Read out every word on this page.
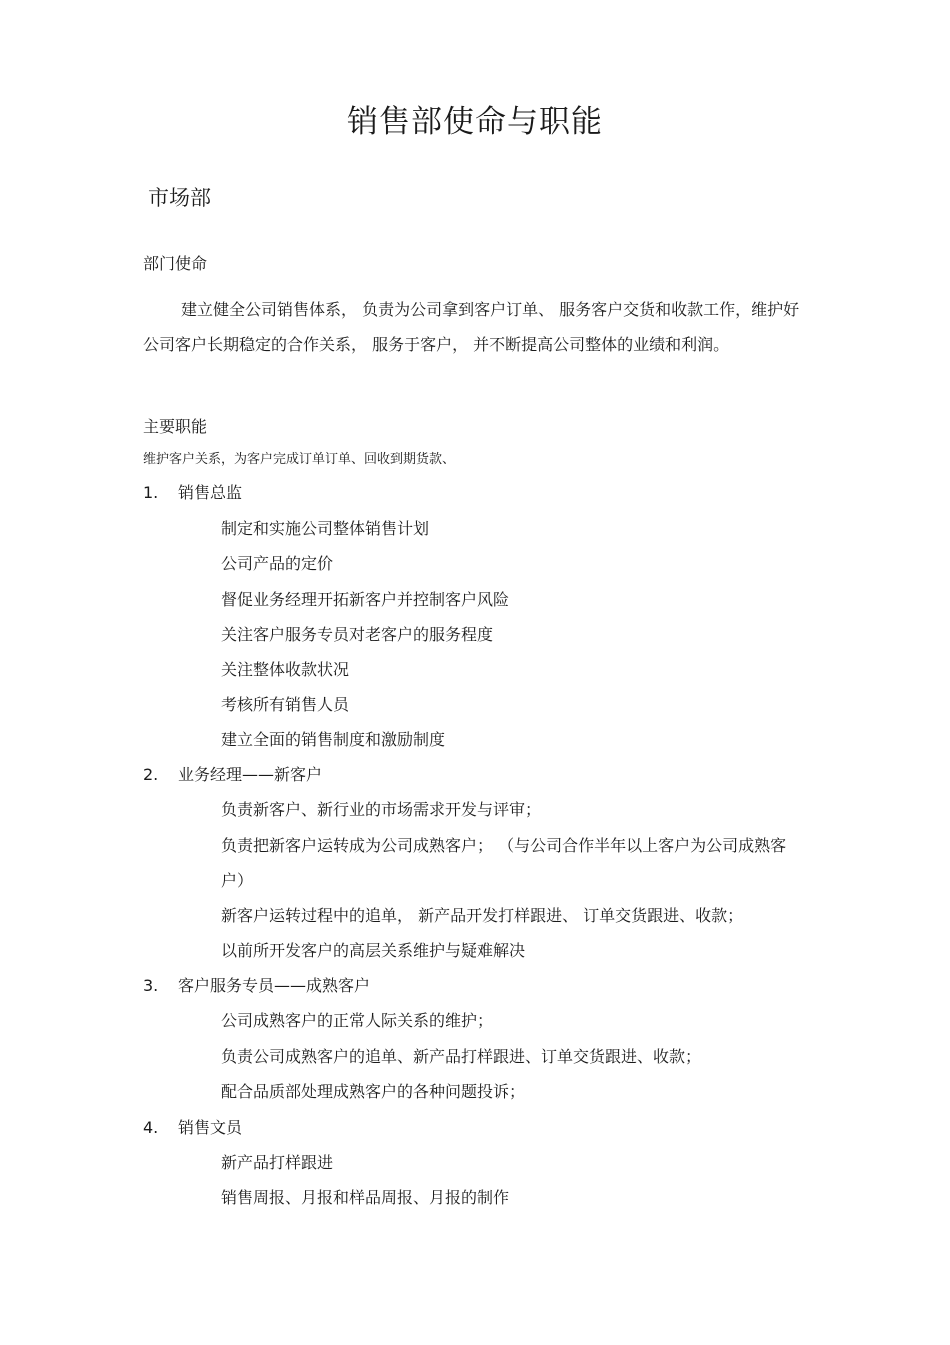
销售部使命与职能
市场部
部门使命
建立健全公司销售体系， 负责为公司拿到客户订单、 服务客户交货和收款工作，维护好公司客户长期稳定的合作关系， 服务于客户， 并不断提高公司整体的业绩和利润。
主要职能
维护客户关系，为客户完成订单订单、回收到期货款、
1. 销售总监
制定和实施公司整体销售计划
公司产品的定价
督促业务经理开拓新客户并控制客户风险
关注客户服务专员对老客户的服务程度
关注整体收款状况
考核所有销售人员
建立全面的销售制度和激励制度
2. 业务经理——新客户
负责新客户、新行业的市场需求开发与评审；
负责把新客户运转成为公司成熟客户； （与公司合作半年以上客户为公司成熟客户）
新客户运转过程中的追单， 新产品开发打样跟进、 订单交货跟进、收款；
以前所开发客户的高层关系维护与疑难解决
3. 客户服务专员——成熟客户
公司成熟客户的正常人际关系的维护；
负责公司成熟客户的追单、新产品打样跟进、订单交货跟进、收款；
配合品质部处理成熟客户的各种问题投诉；
4. 销售文员
新产品打样跟进
销售周报、月报和样品周报、月报的制作
